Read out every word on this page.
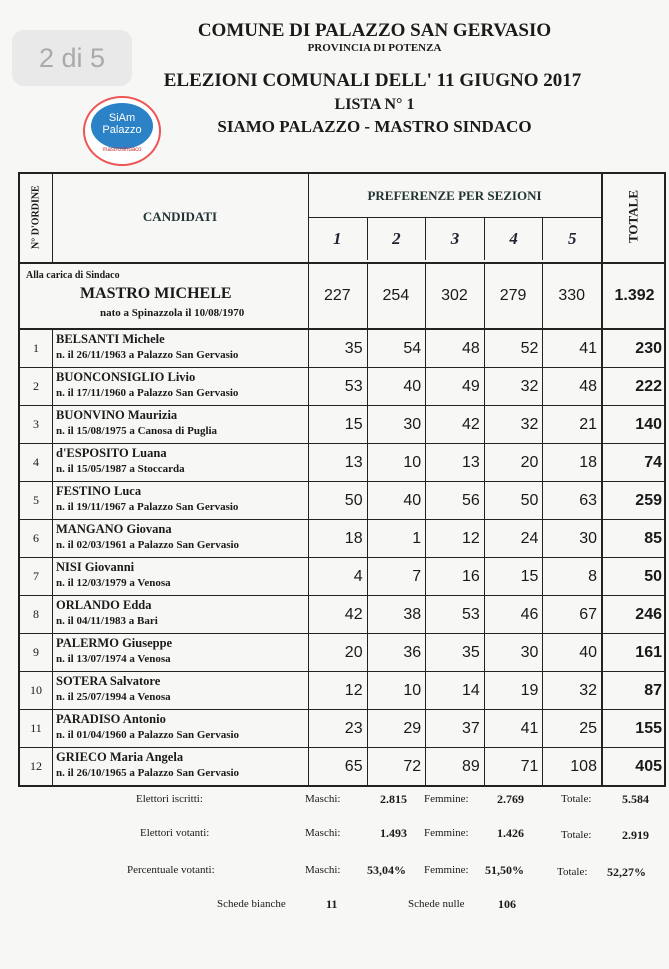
2 di 5
COMUNE DI PALAZZO SAN GERVASIO
PROVINCIA DI POTENZA
ELEZIONI COMUNALI DELL' 11 GIUGNO 2017
LISTA N° 1
SIAMO PALAZZO - MASTRO SINDACO
SiAm
Palazzo
mastrosindaco
N° D'ORDINE	CANDIDATI
PREFERENZE PER SEZIONI
1	2	3	4	5	TOTALE
Alla carica di Sindaco
MASTRO MICHELE
nato a Spinazzola il 10/08/1970
227	254	302	279	330	1.392
1
BELSANTI Michele
n. il 26/11/1963 a Palazzo San Gervasio	35	54	48	52	41	230
2
BUONCONSIGLIO Livio
n. il 17/11/1960 a Palazzo San Gervasio	53	40	49	32	48	222
3
BUONVINO Maurizia
n. il 15/08/1975 a Canosa di Puglia	15	30	42	32	21	140
4
d'ESPOSITO Luana
n. il 15/05/1987 a Stoccarda	13	10	13	20	18	74
5
FESTINO Luca
n. il 19/11/1967 a Palazzo San Gervasio	50	40	56	50	63	259
6
MANGANO Giovana
n. il 02/03/1961 a Palazzo San Gervasio	18	1	12	24	30	85
7
NISI Giovanni
n. il 12/03/1979 a Venosa	4	7	16	15	8	50
8
ORLANDO Edda
n. il 04/11/1983 a Bari	42	38	53	46	67	246
9
PALERMO Giuseppe
n. il 13/07/1974 a Venosa	20	36	35	30	40	161
10
SOTERA Salvatore
n. il 25/07/1994 a Venosa	12	10	14	19	32	87
11
PARADISO Antonio
n. il 01/04/1960 a Palazzo San Gervasio	23	29	37	41	25	155
12
GRIECO Maria Angela
n. il 26/10/1965 a Palazzo San Gervasio	65	72	89	71	108	405
Elettori iscritti:	Maschi:	2.815 Femmine: 2.769	Totale:	5.584
Elettori votanti:	Maschi:	1.493 Femmine: 1.426	Totale:	2.919
Percentuale votanti:	Maschi: 53,04% Femmine: 51,50%	Totale: 52,27%
Schede bianche	11	Schede nulle	106
